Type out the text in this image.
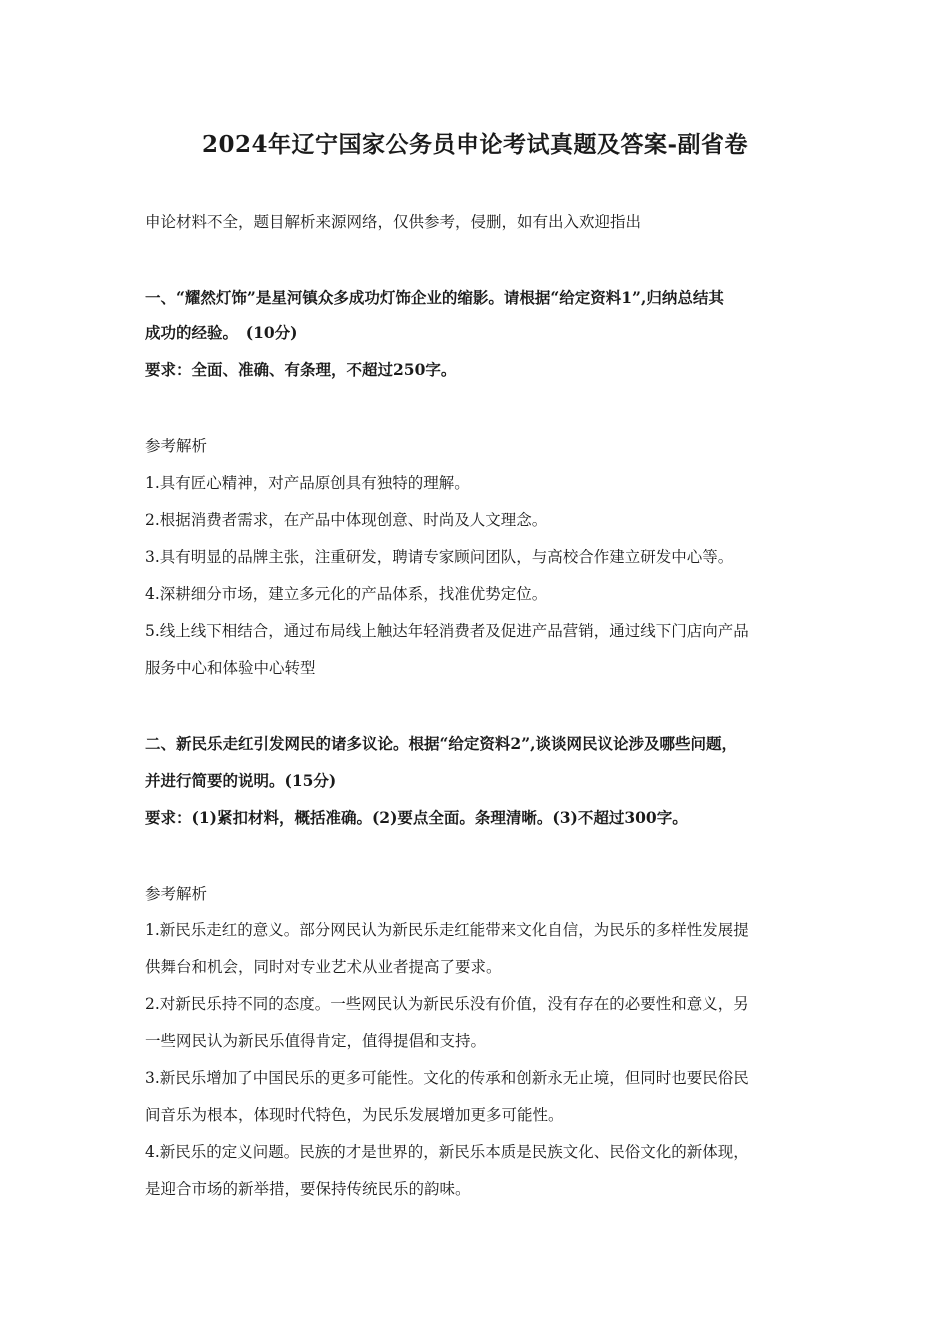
2024年辽宁国家公务员申论考试真题及答案-副省卷

申论材料不全，题目解析来源网络，仅供参考，侵删，如有出入欢迎指出

一、“耀然灯饰”是星河镇众多成功灯饰企业的缩影。请根据“给定资料1”,归纳总结其

成功的经验。　(10分)

要求：全面、准确、有条理，不超过250字。

参考解析

1.具有匠心精神，对产品原创具有独特的理解。

2.根据消费者需求，在产品中体现创意、时尚及人文理念。

3.具有明显的品牌主张，注重研发，聘请专家顾问团队，与高校合作建立研发中心等。

4.深耕细分市场，建立多元化的产品体系，找准优势定位。

5.线上线下相结合，通过布局线上触达年轻消费者及促进产品营销，通过线下门店向产品

服务中心和体验中心转型

二、新民乐走红引发网民的诸多议论。根据“给定资料2”,谈谈网民议论涉及哪些问题，

并进行简要的说明。(15分)

要求：(1)紧扣材料，概括准确。(2)要点全面。条理清晰。(3)不超过300字。

参考解析

1.新民乐走红的意义。部分网民认为新民乐走红能带来文化自信，为民乐的多样性发展提

供舞台和机会，同时对专业艺术从业者提高了要求。

2.对新民乐持不同的态度。一些网民认为新民乐没有价值，没有存在的必要性和意义，另

一些网民认为新民乐值得肯定，值得提倡和支持。

3.新民乐增加了中国民乐的更多可能性。文化的传承和创新永无止境，但同时也要民俗民

间音乐为根本，体现时代特色，为民乐发展增加更多可能性。

4.新民乐的定义问题。民族的才是世界的，新民乐本质是民族文化、民俗文化的新体现，

是迎合市场的新举措，要保持传统民乐的韵味。
